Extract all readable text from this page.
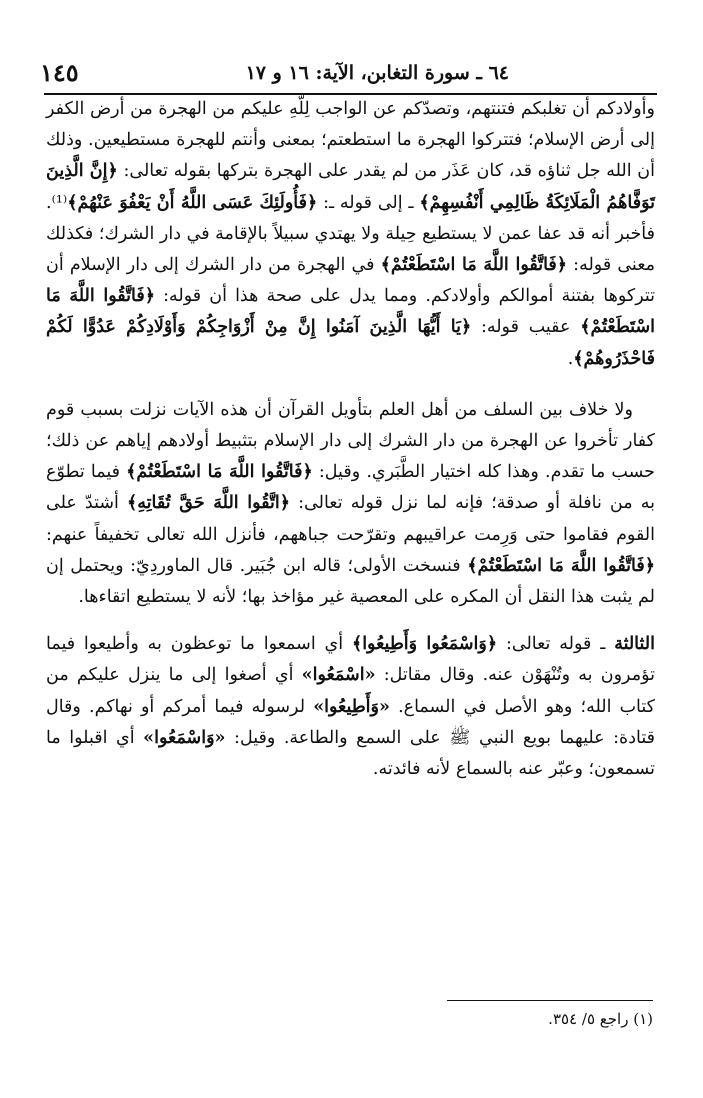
٦٤ ـ سورة التغابن، الآية: ١٦ و ١٧
١٤٥

وأولادكم أن تغلبكم فتنتهم، وتصدّكم عن الواجب لِلّهِ عليكم من الهجرة من أرض الكفر إلى أرض الإسلام؛ فتتركوا الهجرة ما استطعتم؛ بمعنى وأنتم للهجرة مستطيعين. وذلك أن الله جل ثناؤه قد، كان عَذَر من لم يقدر على الهجرة بتركها بقوله تعالى: ﴿إِنَّ الَّذِينَ تَوَفَّاهُمُ الْمَلَائِكَةُ ظَالِمِي أَنْفُسِهِمْ﴾ ـ إلى قوله ـ: ﴿فَأُولَئِكَ عَسَى اللَّهُ أَنْ يَعْفُوَ عَنْهُمْ﴾⁽¹⁾. فأخبر أنه قد عفا عمن لا يستطيع حِيلة ولا يهتدي سبيلاً بالإقامة في دار الشرك؛ فكذلك معنى قوله: ﴿فَاتَّقُوا اللَّهَ مَا اسْتَطَعْتُمْ﴾ في الهجرة من دار الشرك إلى دار الإسلام أن تتركوها بفتنة أموالكم وأولادكم. ومما يدل على صحة هذا أن قوله: ﴿فَاتَّقُوا اللَّهَ مَا اسْتَطَعْتُمْ﴾ عقيب قوله: ﴿يَا أَيُّهَا الَّذِينَ آمَنُوا إِنَّ مِنْ أَزْوَاجِكُمْ وَأَوْلَادِكُمْ عَدُوًّا لَكُمْ فَاحْذَرُوهُمْ﴾.

ولا خلاف بين السلف من أهل العلم بتأويل القرآن أن هذه الآيات نزلت بسبب قوم كفار تأخروا عن الهجرة من دار الشرك إلى دار الإسلام بتثبيط أولادهم إياهم عن ذلك؛ حسب ما تقدم. وهذا كله اختيار الطَّبَري. وقيل: ﴿فَاتَّقُوا اللَّهَ مَا اسْتَطَعْتُمْ﴾ فيما تطوّع به من نافلة أو صدقة؛ فإنه لما نزل قوله تعالى: ﴿اتَّقُوا اللَّهَ حَقَّ تُقَاتِهِ﴾ أشتدّ على القوم فقاموا حتى وَرِمت عراقيبهم وتقرّحت جباههم، فأنزل الله تعالى تخفيفاً عنهم: ﴿فَاتَّقُوا اللَّهَ مَا اسْتَطَعْتُمْ﴾ فنسخت الأولى؛ قاله ابن جُبَير. قال الماوردِيّ: ويحتمل إن لم يثبت هذا النقل أن المكره على المعصية غير مؤاخذ بها؛ لأنه لا يستطيع اتقاءها.

الثالثة ـ قوله تعالى: ﴿وَاسْمَعُوا وَأَطِيعُوا﴾ أي اسمعوا ما توعظون به وأطيعوا فيما تؤمرون به وتُنْهَوْن عنه. وقال مقاتل: «اسْمَعُوا» أي أصغوا إلى ما ينزل عليكم من كتاب الله؛ وهو الأصل في السماع. «وَأَطِيعُوا» لرسوله فيما أمركم أو نهاكم. وقال قتادة: عليهما بويع النبي ﷺ على السمع والطاعة. وقيل: «وَاسْمَعُوا» أي اقبلوا ما تسمعون؛ وعبّر عنه بالسماع لأنه فائدته.

(١) راجع ٥/ ٣٥٤.
